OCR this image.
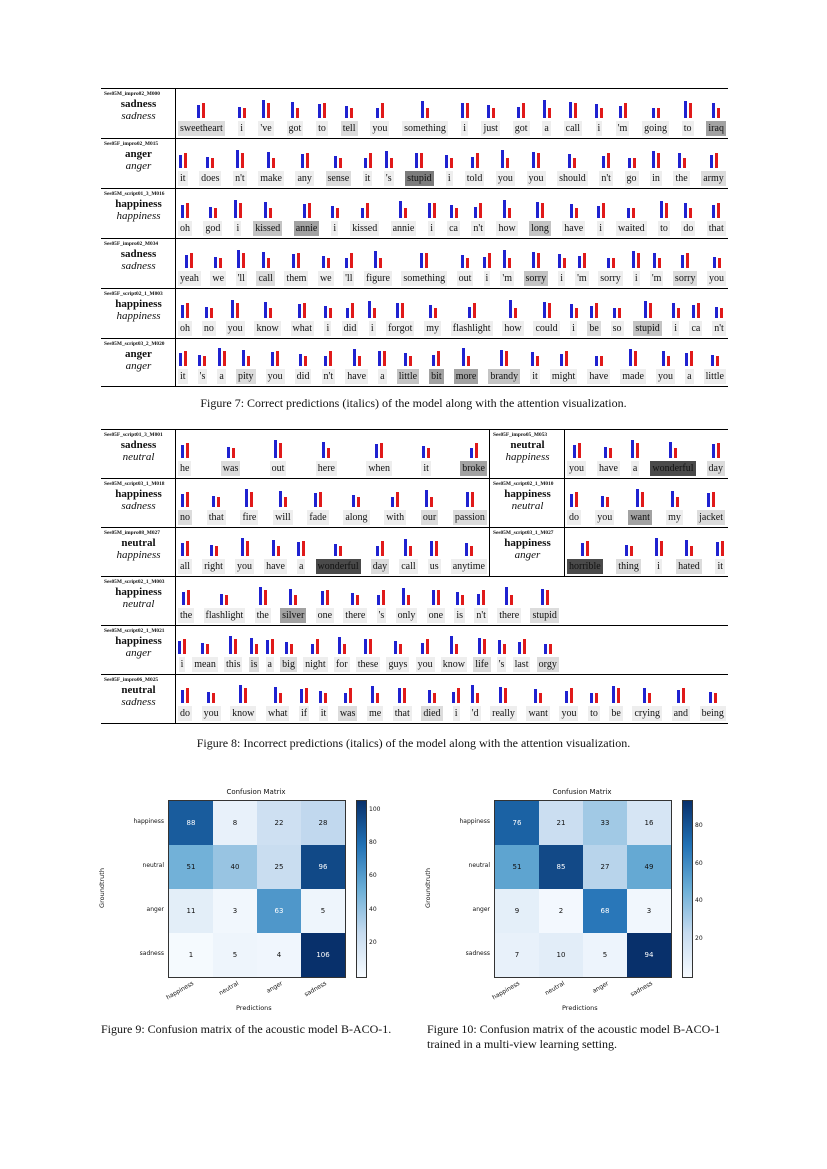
Ses05M_impro02_M000
sadness
sadness
sweetheart i 've got to tell you something i just got a call i 'm going to iraq
Ses05F_impro02_M015
anger
anger
it does n't make any sense it 's stupid i told you you should n't go in the army
Ses05M_script01_3_M016
happiness
happiness
oh god i kissed annie i kissed annie i ca n't how long have i waited to do that
Ses05F_impro02_M034
sadness
sadness
yeah we 'll call them we 'll figure something out i 'm sorry i 'm sorry i 'm sorry you
Ses05F_script02_1_M003
happiness
happiness
oh no you know what i did i forgot my flashlight how could i be so stupid i ca n't
Ses05M_script03_2_M020
anger
anger
it 's a pity you did n't have a little bit more brandy it might have made you a little
Figure 7: Correct predictions (italics) of the model along with the attention visualization.
Ses05F_script01_3_M001
sadness
neutral
he	was	out	here	when	it	broke
Ses05F_impro05_M053
neutral
happiness
you have a wonderful day
Ses05M_script03_1_M018
happiness
sadness
no that fire will fade along with our passion
Ses05M_script02_1_M010
happiness
neutral
do you want my jacket
Ses05M_impro08_M027
neutral
happiness
all right you have a wonderful day call us anytime
Ses05M_script03_1_M027
happiness
anger
horrible thing i hated it
Ses05M_script02_1_M003
happiness
neutral
the flashlight the silver one there 's only one is n't there stupid
Ses05M_script02_1_M021
happiness
anger
i mean this is a big night for these guys you know life 's last orgy
Ses05F_impro06_M025
neutral
sadness
do you know what if it was me that died i 'd really want you to be crying and being
Figure 8: Incorrect predictions (italics) of the model along with the attention visualization.
Confusion Matrix
88	8	22	28
51	40	25	96
11	3	63	5
1	5	4	106
happiness
happiness
neutral
neutral
anger
anger
sadness
sadness
Predictions
Groundtruth
100
80
60
40
20
Confusion Matrix
76	21	33	16
51	85	27	49
9	2	68	3
7	10	5	94
happiness
happiness
neutral
neutral
anger
anger
sadness
sadness
Predictions
Groundtruth
80
60
40
20
Figure 9: Confusion matrix of the acoustic model B-ACO-1.	Figure 10: Confusion matrix of the acoustic model B-ACO-1 trained in a multi-view learning setting.
